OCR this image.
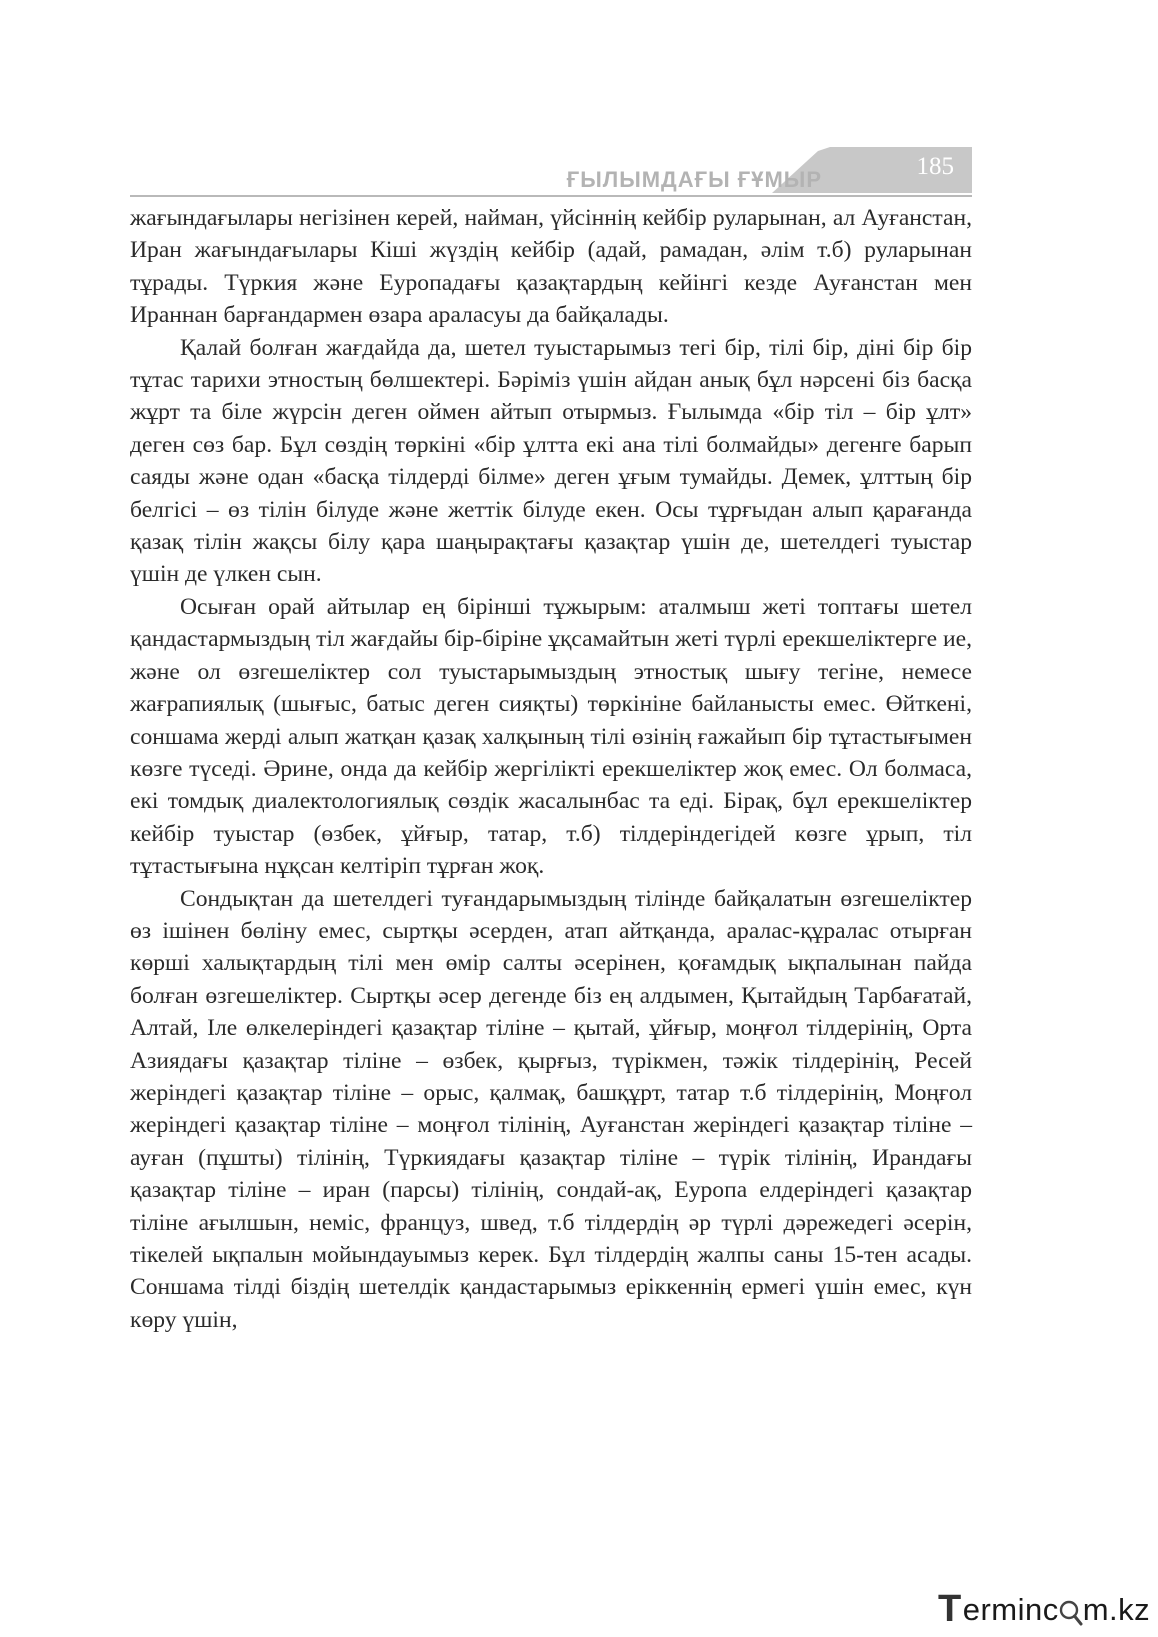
ҒЫЛЫМДАҒЫ ҒҰМЫР	185

жағындағылары негізінен керей, найман, үйсіннің кейбір руларынан, ал Ауғанстан, Иран жағындағылары Кіші жүздің кейбір (адай, рамадан, әлім т.б) руларынан тұрады. Түркия және Еуропадағы қазақтардың кейінгі кезде Ауғанстан мен Ираннан барғандармен өзара араласуы да байқалады.

Қалай болған жағдайда да, шетел туыстарымыз тегі бір, тілі бір, діні бір бір тұтас тарихи этностың бөлшектері. Бәріміз үшін айдан анық бұл нәрсені біз басқа жұрт та біле жүрсін деген оймен айтып отырмыз. Ғылымда «бір тіл – бір ұлт» деген сөз бар. Бұл сөздің төркіні «бір ұлтта екі ана тілі болмайды» дегенге барып саяды және одан «басқа тілдерді білме» деген ұғым тумайды. Демек, ұлттың бір белгісі – өз тілін білуде және жеттік білуде екен. Осы тұрғыдан алып қарағанда қазақ тілін жақсы білу қара шаңырақтағы қазақтар үшін де, шетелдегі туыстар үшін де үлкен сын.

Осыған орай айтылар ең бірінші тұжырым: аталмыш жеті топтағы шетел қандастармыздың тіл жағдайы бір-біріне ұқсамайтын жеті түрлі ерекшеліктерге ие, және ол өзгешеліктер сол туыстарымыздың этностық шығу тегіне, немесе жағрапиялық (шығыс, батыс деген сияқты) төркініне байланысты емес. Өйткені, соншама жерді алып жатқан қазақ халқының тілі өзінің ғажайып бір тұтастығымен көзге түседі. Әрине, онда да кейбір жергілікті ерекшеліктер жоқ емес. Ол болмаса, екі томдық диалектологиялық сөздік жасалынбас та еді. Бірақ, бұл ерекшеліктер кейбір туыстар (өзбек, ұйғыр, татар, т.б) тілдеріндегідей көзге ұрып, тіл тұтастығына нұқсан келтіріп тұрған жоқ.

Сондықтан да шетелдегі туғандарымыздың тілінде байқалатын өзгешеліктер өз ішінен бөліну емес, сыртқы әсерден, атап айтқанда, аралас-құралас отырған көрші халықтардың тілі мен өмір салты әсерінен, қоғамдық ықпалынан пайда болған өзгешеліктер. Сыртқы әсер дегенде біз ең алдымен, Қытайдың Тарбағатай, Алтай, Іле өлкелеріндегі қазақтар тіліне – қытай, ұйғыр, моңғол тілдерінің, Орта Азиядағы қазақтар тіліне – өзбек, қырғыз, түрікмен, тәжік тілдерінің, Ресей жеріндегі қазақтар тіліне – орыс, қалмақ, башқұрт, татар т.б тілдерінің, Моңғол жеріндегі қазақтар тіліне – моңғол тілінің, Ауғанстан жеріндегі қазақтар тіліне – ауған (пұшты) тілінің, Түркиядағы қазақтар тіліне – түрік тілінің, Ирандағы қазақтар тіліне – иран (парсы) тілінің, сондай-ақ, Еуропа елдеріндегі қазақтар тіліне ағылшын, неміс, француз, швед, т.б тілдердің әр түрлі дәрежедегі әсерін, тікелей ықпалын мойындауымыз керек. Бұл тілдердің жалпы саны 15-тен асады. Соншама тілді біздің шетелдік қандастарымыз ерiккеннiң ермегі үшін емес, күн көру үшін,

T erminc m.kz
